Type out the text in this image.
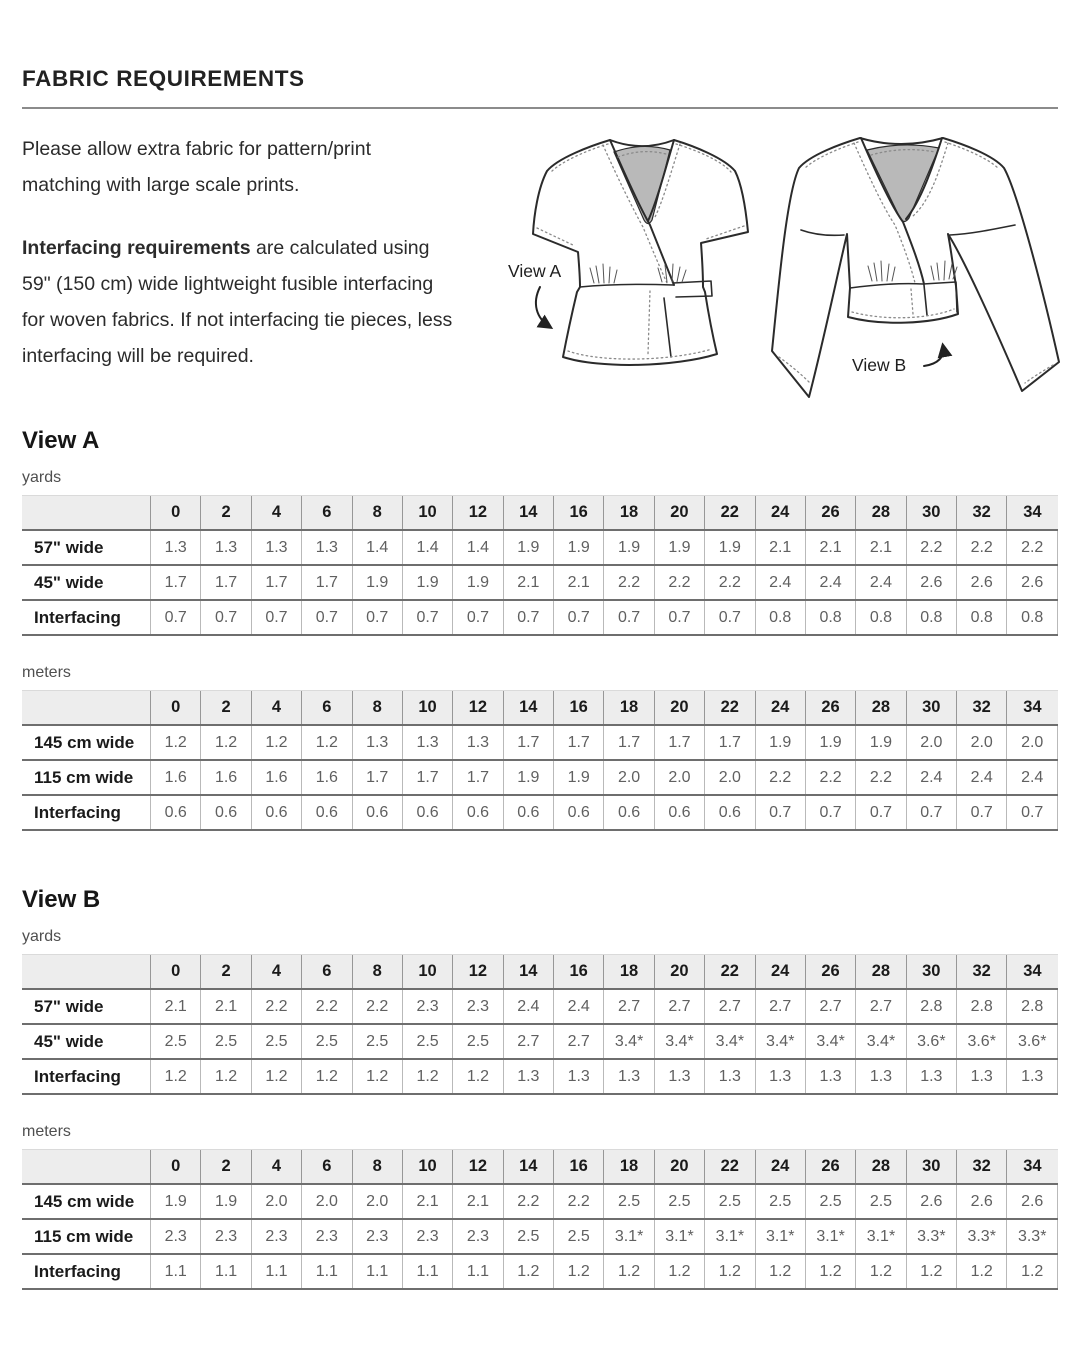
FABRIC REQUIREMENTS

Please allow extra fabric for pattern/print
matching with large scale prints.

Interfacing requirements are calculated using
59" (150 cm) wide lightweight fusible interfacing
for woven fabrics. If not interfacing tie pieces, less
interfacing will be required.

View A
View B
View A
yards
	0	2	4	6	8	10	12	14	16	18	20	22	24	26	28	30	32	34
57" wide	1.3	1.3	1.3	1.3	1.4	1.4	1.4	1.9	1.9	1.9	1.9	1.9	2.1	2.1	2.1	2.2	2.2	2.2
45" wide	1.7	1.7	1.7	1.7	1.9	1.9	1.9	2.1	2.1	2.2	2.2	2.2	2.4	2.4	2.4	2.6	2.6	2.6
Interfacing	0.7	0.7	0.7	0.7	0.7	0.7	0.7	0.7	0.7	0.7	0.7	0.7	0.8	0.8	0.8	0.8	0.8	0.8
meters
	0	2	4	6	8	10	12	14	16	18	20	22	24	26	28	30	32	34
145 cm wide	1.2	1.2	1.2	1.2	1.3	1.3	1.3	1.7	1.7	1.7	1.7	1.7	1.9	1.9	1.9	2.0	2.0	2.0
115 cm wide	1.6	1.6	1.6	1.6	1.7	1.7	1.7	1.9	1.9	2.0	2.0	2.0	2.2	2.2	2.2	2.4	2.4	2.4
Interfacing	0.6	0.6	0.6	0.6	0.6	0.6	0.6	0.6	0.6	0.6	0.6	0.6	0.7	0.7	0.7	0.7	0.7	0.7
View B
yards
	0	2	4	6	8	10	12	14	16	18	20	22	24	26	28	30	32	34
57" wide	2.1	2.1	2.2	2.2	2.2	2.3	2.3	2.4	2.4	2.7	2.7	2.7	2.7	2.7	2.7	2.8	2.8	2.8
45" wide	2.5	2.5	2.5	2.5	2.5	2.5	2.5	2.7	2.7	3.4*	3.4*	3.4*	3.4*	3.4*	3.4*	3.6*	3.6*	3.6*
Interfacing	1.2	1.2	1.2	1.2	1.2	1.2	1.2	1.3	1.3	1.3	1.3	1.3	1.3	1.3	1.3	1.3	1.3	1.3
meters
	0	2	4	6	8	10	12	14	16	18	20	22	24	26	28	30	32	34
145 cm wide	1.9	1.9	2.0	2.0	2.0	2.1	2.1	2.2	2.2	2.5	2.5	2.5	2.5	2.5	2.5	2.6	2.6	2.6
115 cm wide	2.3	2.3	2.3	2.3	2.3	2.3	2.3	2.5	2.5	3.1*	3.1*	3.1*	3.1*	3.1*	3.1*	3.3*	3.3*	3.3*
Interfacing	1.1	1.1	1.1	1.1	1.1	1.1	1.1	1.2	1.2	1.2	1.2	1.2	1.2	1.2	1.2	1.2	1.2	1.2
